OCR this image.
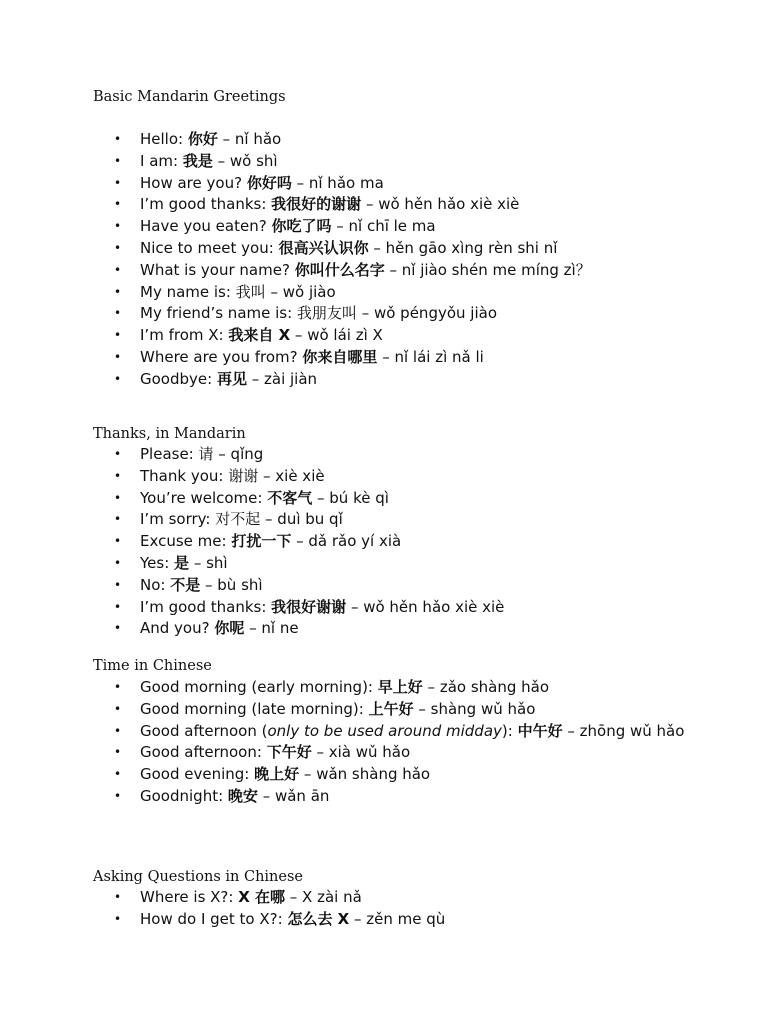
Basic Mandarin Greetings
• Hello: 你好 – nǐ hǎo
• I am: 我是 – wǒ shì
• How are you? 你好吗 – nǐ hǎo ma
• I’m good thanks: 我很好的谢谢 – wǒ hěn hǎo xiè xiè
• Have you eaten? 你吃了吗 – nǐ chī le ma
• Nice to meet you: 很高兴认识你 – hěn gāo xìng rèn shi nǐ
• What is your name? 你叫什么名字 – nǐ jiào shén me míng zì？
• My name is: 我叫 – wǒ jiào
• My friend’s name is: 我朋友叫 – wǒ péngyǒu jiào
• I’m from X: 我来自 X – wǒ lái zì X
• Where are you from? 你来自哪里 – nǐ lái zì nǎ li
• Goodbye: 再见 – zài jiàn
Thanks, in Mandarin
• Please: 请 – qǐng
• Thank you: 谢谢 – xiè xiè
• You’re welcome: 不客气 – bú kè qì
• I’m sorry: 对不起 – duì bu qǐ
• Excuse me: 打扰一下 – dǎ rǎo yí xià
• Yes: 是 – shì
• No: 不是 – bù shì
• I’m good thanks: 我很好谢谢 – wǒ hěn hǎo xiè xiè
• And you? 你呢 – nǐ ne
Time in Chinese
• Good morning (early morning): 早上好 – zǎo shàng hǎo
• Good morning (late morning): 上午好 – shàng wǔ hǎo
• Good afternoon (only to be used around midday): 中午好 – zhōng wǔ hǎo
• Good afternoon: 下午好 – xià wǔ hǎo
• Good evening: 晚上好 – wǎn shàng hǎo
• Goodnight: 晚安 – wǎn ān
Asking Questions in Chinese
• Where is X?: X 在哪 – X zài nǎ
• How do I get to X?: 怎么去 X – zěn me qù
